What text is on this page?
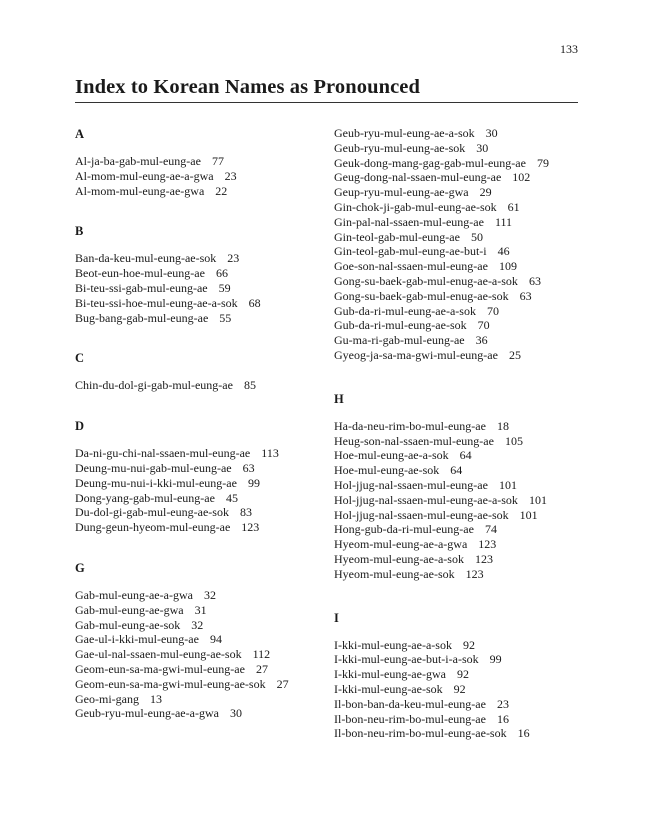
133
Index to Korean Names as Pronounced
A
Al-ja-ba-gab-mul-eung-ae 77
Al-mom-mul-eung-ae-a-gwa 23
Al-mom-mul-eung-ae-gwa 22
B
Ban-da-keu-mul-eung-ae-sok 23
Beot-eun-hoe-mul-eung-ae 66
Bi-teu-ssi-gab-mul-eung-ae 59
Bi-teu-ssi-hoe-mul-eung-ae-a-sok 68
Bug-bang-gab-mul-eung-ae 55
C
Chin-du-dol-gi-gab-mul-eung-ae 85
D
Da-ni-gu-chi-nal-ssaen-mul-eung-ae 113
Deung-mu-nui-gab-mul-eung-ae 63
Deung-mu-nui-i-kki-mul-eung-ae 99
Dong-yang-gab-mul-eung-ae 45
Du-dol-gi-gab-mul-eung-ae-sok 83
Dung-geun-hyeom-mul-eung-ae 123
G
Gab-mul-eung-ae-a-gwa 32
Gab-mul-eung-ae-gwa 31
Gab-mul-eung-ae-sok 32
Gae-ul-i-kki-mul-eung-ae 94
Gae-ul-nal-ssaen-mul-eung-ae-sok 112
Geom-eun-sa-ma-gwi-mul-eung-ae 27
Geom-eun-sa-ma-gwi-mul-eung-ae-sok 27
Geo-mi-gang 13
Geub-ryu-mul-eung-ae-a-gwa 30
Geub-ryu-mul-eung-ae-a-sok 30
Geub-ryu-mul-eung-ae-sok 30
Geuk-dong-mang-gag-gab-mul-eung-ae 79
Geug-dong-nal-ssaen-mul-eung-ae 102
Geup-ryu-mul-eung-ae-gwa 29
Gin-chok-ji-gab-mul-eung-ae-sok 61
Gin-pal-nal-ssaen-mul-eung-ae 111
Gin-teol-gab-mul-eung-ae 50
Gin-teol-gab-mul-eung-ae-but-i 46
Goe-son-nal-ssaen-mul-eung-ae 109
Gong-su-baek-gab-mul-enug-ae-a-sok 63
Gong-su-baek-gab-mul-enug-ae-sok 63
Gub-da-ri-mul-eung-ae-a-sok 70
Gub-da-ri-mul-eung-ae-sok 70
Gu-ma-ri-gab-mul-eung-ae 36
Gyeog-ja-sa-ma-gwi-mul-eung-ae 25
H
Ha-da-neu-rim-bo-mul-eung-ae 18
Heug-son-nal-ssaen-mul-eung-ae 105
Hoe-mul-eung-ae-a-sok 64
Hoe-mul-eung-ae-sok 64
Hol-jjug-nal-ssaen-mul-eung-ae 101
Hol-jjug-nal-ssaen-mul-eung-ae-a-sok 101
Hol-jjug-nal-ssaen-mul-eung-ae-sok 101
Hong-gub-da-ri-mul-eung-ae 74
Hyeom-mul-eung-ae-a-gwa 123
Hyeom-mul-eung-ae-a-sok 123
Hyeom-mul-eung-ae-sok 123
I
I-kki-mul-eung-ae-a-sok 92
I-kki-mul-eung-ae-but-i-a-sok 99
I-kki-mul-eung-ae-gwa 92
I-kki-mul-eung-ae-sok 92
Il-bon-ban-da-keu-mul-eung-ae 23
Il-bon-neu-rim-bo-mul-eung-ae 16
Il-bon-neu-rim-bo-mul-eung-ae-sok 16
